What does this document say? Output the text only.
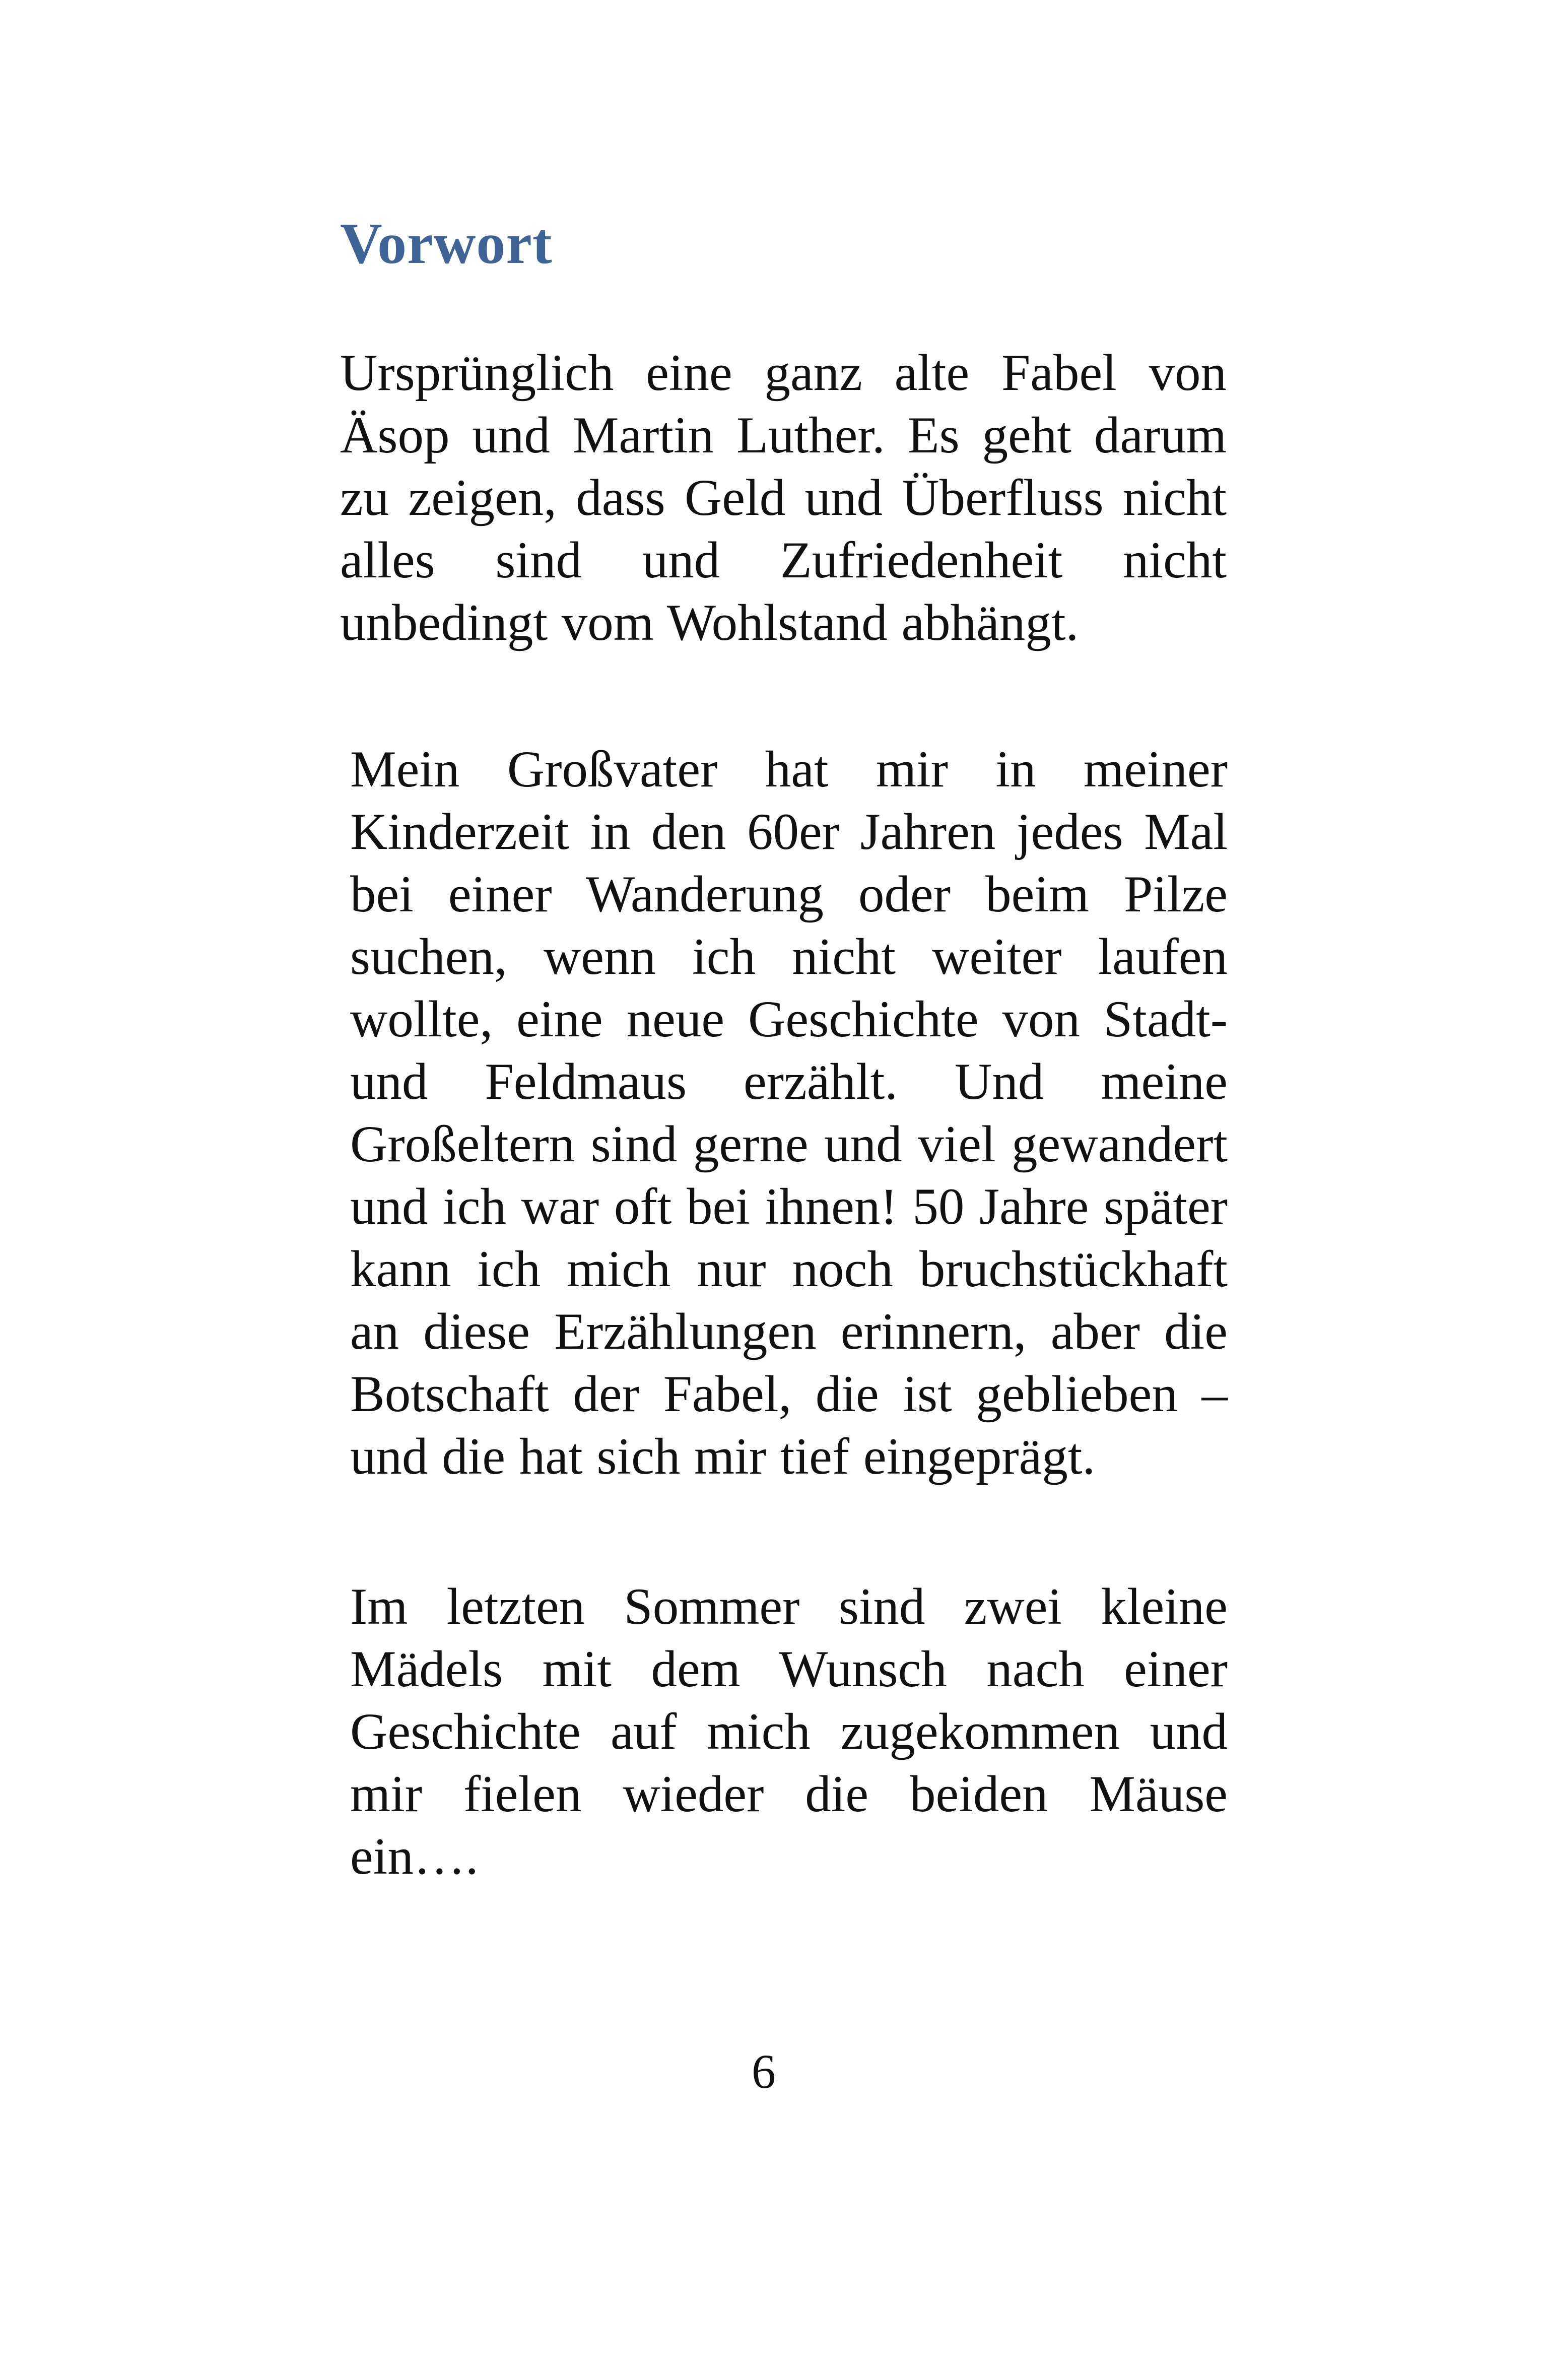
Vorwort

Ursprünglich eine ganz alte Fabel von Äsop und Martin Luther. Es geht darum zu zeigen, dass Geld und Überfluss nicht alles sind und Zufriedenheit nicht unbedingt vom Wohlstand abhängt.

Mein Großvater hat mir in meiner Kinderzeit in den 60er Jahren jedes Mal bei einer Wanderung oder beim Pilze suchen, wenn ich nicht weiter laufen wollte, eine neue Geschichte von Stadt- und Feldmaus erzählt. Und meine Großeltern sind gerne und viel gewandert und ich war oft bei ihnen! 50 Jahre später kann ich mich nur noch bruchstückhaft an diese Erzählungen erinnern, aber die Botschaft der Fabel, die ist geblieben – und die hat sich mir tief eingeprägt.

Im letzten Sommer sind zwei kleine Mädels mit dem Wunsch nach einer Geschichte auf mich zugekommen und mir fielen wieder die beiden Mäuse ein….

6
